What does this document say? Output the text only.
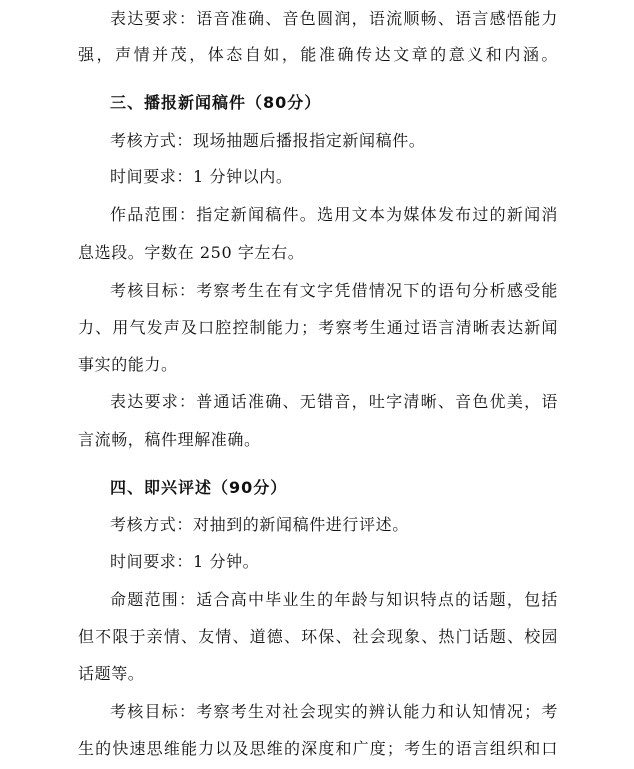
表达要求：语音准确、音色圆润，语流顺畅、语言感悟能力
强，声情并茂，体态自如，能准确传达文章的意义和内涵。
三、播报新闻稿件（80分）
考核方式：现场抽题后播报指定新闻稿件。
时间要求：1 分钟以内。
作品范围：指定新闻稿件。选用文本为媒体发布过的新闻消
息选段。字数在 250 字左右。
考核目标：考察考生在有文字凭借情况下的语句分析感受能
力、用气发声及口腔控制能力；考察考生通过语言清晰表达新闻
事实的能力。
表达要求：普通话准确、无错音，吐字清晰、音色优美，语
言流畅，稿件理解准确。
四、即兴评述（90分）
考核方式：对抽到的新闻稿件进行评述。
时间要求：1 分钟。
命题范围：适合高中毕业生的年龄与知识特点的话题，包括
但不限于亲情、友情、道德、环保、社会现象、热门话题、校园
话题等。
考核目标：考察考生对社会现实的辨认能力和认知情况；考
生的快速思维能力以及思维的深度和广度；考生的语言组织和口
